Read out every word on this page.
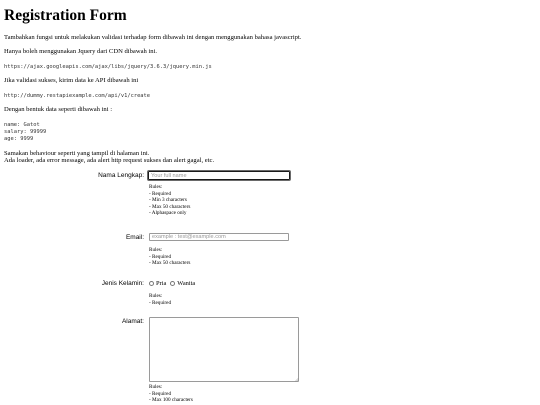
Registration Form

Tambahkan fungsi untuk melakukan validasi terhadap form dibawah ini dengan menggunakan bahasa javascript.

Hanya boleh menggunakan Jquery dari CDN dibawah ini.

https://ajax.googleapis.com/ajax/libs/jquery/3.6.3/jquery.min.js

Jika validasi sukses, kirim data ke API dibawah ini

http://dummy.restapiexample.com/api/v1/create

Dengan bentuk data seperti dibawah ini :

name: Gatot
salary: 99999
age: 9999

Samakan behaviour seperti yang tampil di halaman ini.

Ada loader, ada error message, ada alert http request sukses dan alert gagal, etc.

Nama Lengkap:
Your full name
Rules:
- Required
- Min 3 characters
- Max 50 characters
- Alphaspace only
Email:
example : test@example.com
Rules:
- Required
- Max 50 characters
Jenis Kelamin: Pria Wanita
Rules:
- Required
Alamat:
Rules:
- Required
- Max 100 characters
